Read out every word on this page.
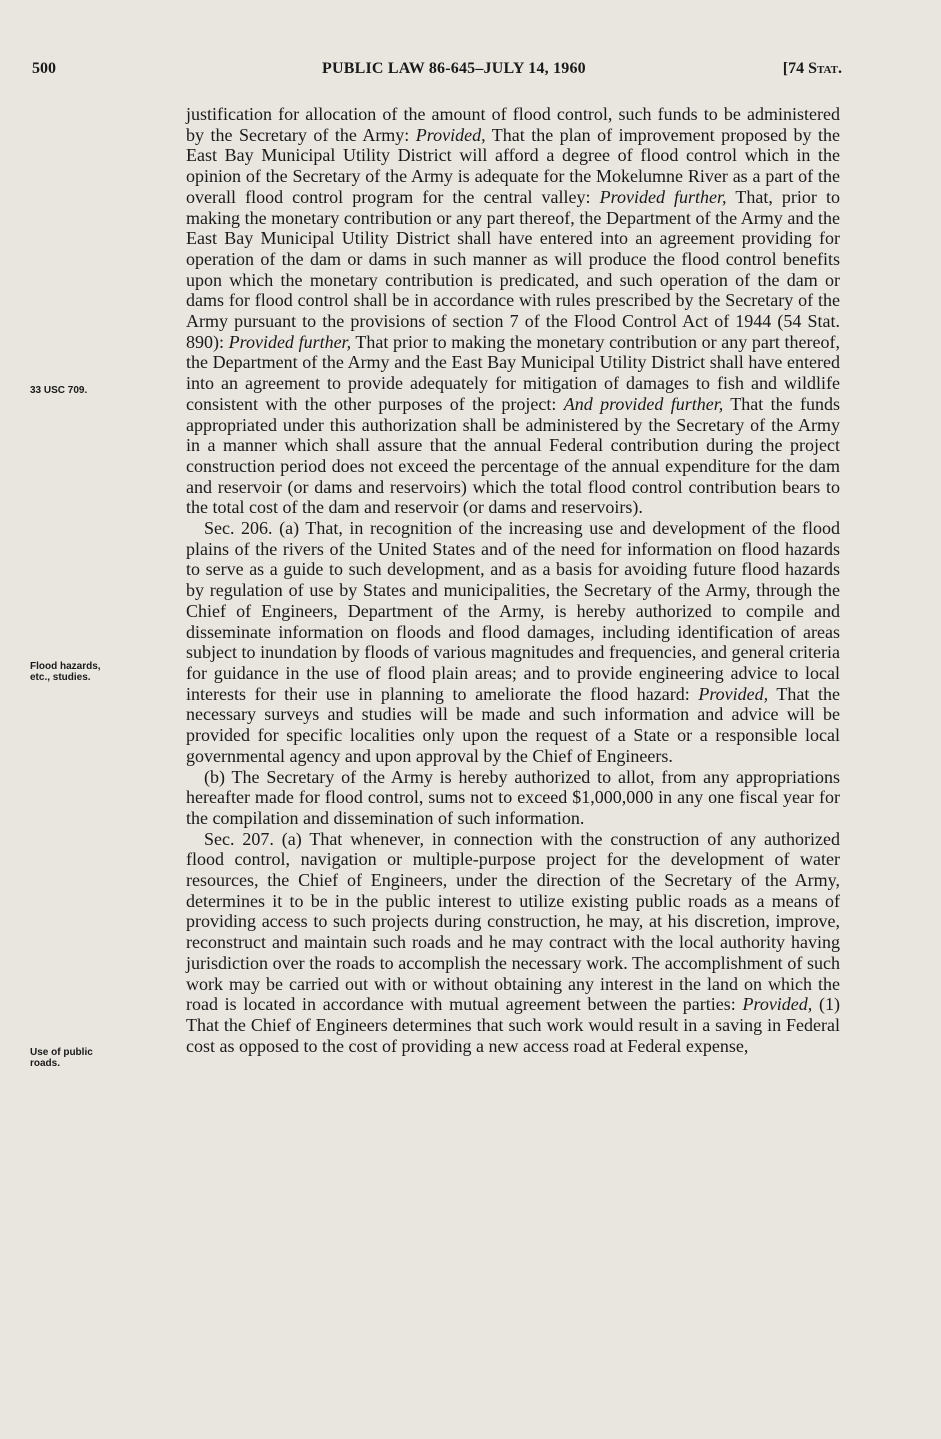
500	PUBLIC LAW 86-645–JULY 14, 1960	[74 Stat.
33 USC 709.
Flood hazards,
etc., studies.
Use of public
roads.

justification for allocation of the amount of flood control, such funds to be administered by the Secretary of the Army: Provided, That the plan of improvement proposed by the East Bay Municipal Utility District will afford a degree of flood control which in the opinion of the Secretary of the Army is adequate for the Mokelumne River as a part of the overall flood control program for the central valley: Provided further, That, prior to making the monetary contribution or any part thereof, the Department of the Army and the East Bay Municipal Utility District shall have entered into an agreement providing for operation of the dam or dams in such manner as will produce the flood control benefits upon which the monetary contribution is predicated, and such operation of the dam or dams for flood control shall be in accordance with rules prescribed by the Secretary of the Army pursuant to the provisions of section 7 of the Flood Control Act of 1944 (54 Stat. 890): Provided further, That prior to making the monetary contribution or any part thereof, the Department of the Army and the East Bay Municipal Utility District shall have entered into an agreement to provide adequately for mitigation of damages to fish and wildlife consistent with the other purposes of the project: And provided further, That the funds appropriated under this authorization shall be administered by the Secretary of the Army in a manner which shall assure that the annual Federal contribution during the project construction period does not exceed the percentage of the annual expenditure for the dam and reservoir (or dams and reservoirs) which the total flood control contribution bears to the total cost of the dam and reservoir (or dams and reservoirs).

Sec. 206. (a) That, in recognition of the increasing use and development of the flood plains of the rivers of the United States and of the need for information on flood hazards to serve as a guide to such development, and as a basis for avoiding future flood hazards by regulation of use by States and municipalities, the Secretary of the Army, through the Chief of Engineers, Department of the Army, is hereby authorized to compile and disseminate information on floods and flood damages, including identification of areas subject to inundation by floods of various magnitudes and frequencies, and general criteria for guidance in the use of flood plain areas; and to provide engineering advice to local interests for their use in planning to ameliorate the flood hazard: Provided, That the necessary surveys and studies will be made and such information and advice will be provided for specific localities only upon the request of a State or a responsible local governmental agency and upon approval by the Chief of Engineers.

(b) The Secretary of the Army is hereby authorized to allot, from any appropriations hereafter made for flood control, sums not to exceed $1,000,000 in any one fiscal year for the compilation and dissemination of such information.

Sec. 207. (a) That whenever, in connection with the construction of any authorized flood control, navigation or multiple-purpose project for the development of water resources, the Chief of Engineers, under the direction of the Secretary of the Army, determines it to be in the public interest to utilize existing public roads as a means of providing access to such projects during construction, he may, at his discretion, improve, reconstruct and maintain such roads and he may contract with the local authority having jurisdiction over the roads to accomplish the necessary work. The accomplishment of such work may be carried out with or without obtaining any interest in the land on which the road is located in accordance with mutual agreement between the parties: Provided, (1) That the Chief of Engineers determines that such work would result in a saving in Federal cost as opposed to the cost of providing a new access road at Federal expense,
